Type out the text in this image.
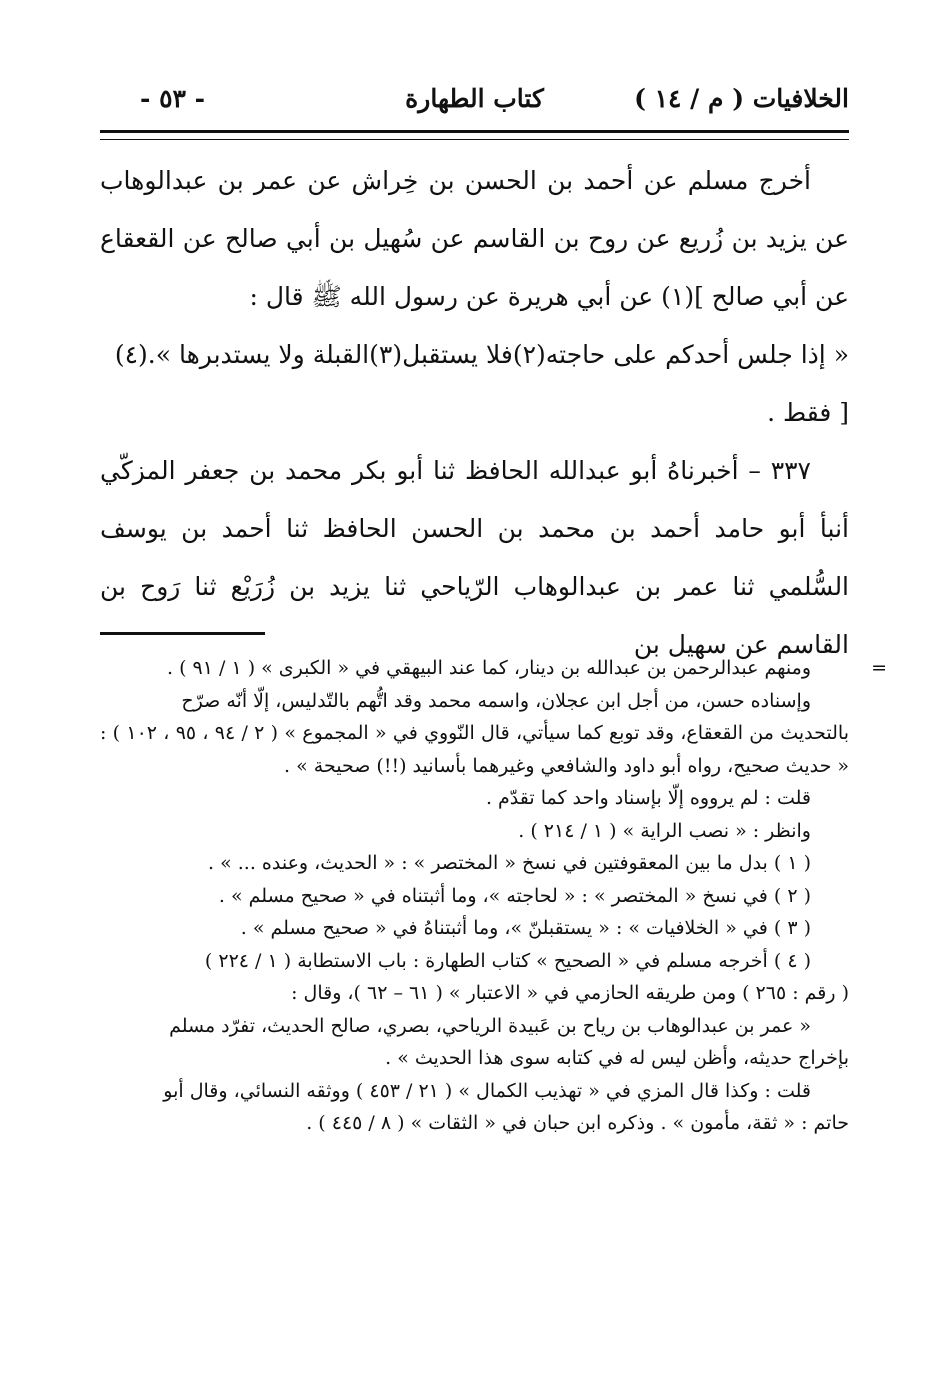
الخلافيات ( م / ١٤ )
كتاب الطهارة
- ٥٣ -

أخرج مسلم عن أحمد بن الحسن بن خِراش عن عمر بن عبدالوهاب عن يزيد بن زُريع عن روح بن القاسم عن سُهيل بن أبي صالح عن القعقاع عن أبي صالح ](١) عن أبي هريرة عن رسول الله ﷺ قال :

« إذا جلس أحدكم على حاجته(٢)فلا يستقبل(٣)القبلة ولا يستدبرها ».(٤)

[ فقط .

٣٣٧ – أخبرناهُ أبو عبدالله الحافظ ثنا أبو بكر محمد بن جعفر المزكّي أنبأ أبو حامد أحمد بن محمد بن الحسن الحافظ ثنا أحمد بن يوسف السُّلمي ثنا عمر بن عبدالوهاب الرّياحي ثنا يزيد بن زُرَيْع ثنا رَوح بن القاسم عن سهيل بن

=ومنهم عبدالرحمن بن عبدالله بن دينار، كما عند البيهقي في « الكبرى » ( ١ / ٩١ ) .

وإسناده حسن، من أجل ابن عجلان، واسمه محمد وقد اتُّهم بالتّدليس، إلّا أنّه صرّح

بالتحديث من القعقاع، وقد توبع كما سيأتي، قال النّووي في « المجموع » ( ٢ / ٩٤ ، ٩٥ ، ١٠٢ ) : « حديث صحيح، رواه أبو داود والشافعي وغيرهما بأسانيد (!!) صحيحة » .

قلت : لم يرووه إلّا بإسناد واحد كما تقدّم .

وانظر : « نصب الراية » ( ١ / ٢١٤ ) .

( ١ ) بدل ما بين المعقوفتين في نسخ « المختصر » : « الحديث، وعنده ... » .

( ٢ ) في نسخ « المختصر » : « لحاجته »، وما أثبتناه في « صحيح مسلم » .

( ٣ ) في « الخلافيات » : « يستقبلنّ »، وما أثبتناهُ في « صحيح مسلم » .

( ٤ ) أخرجه مسلم في « الصحيح » كتاب الطهارة : باب الاستطابة ( ١ / ٢٢٤ )

( رقم : ٢٦٥ ) ومن طريقه الحازمي في « الاعتبار » ( ٦١ – ٦٢ )، وقال :

« عمر بن عبدالوهاب بن رياح بن عَبيدة الرياحي، بصري، صالح الحديث، تفرّد مسلم

بإخراج حديثه، وأظن ليس له في كتابه سوى هذا الحديث » .

قلت : وكذا قال المزي في « تهذيب الكمال » ( ٢١ / ٤٥٣ ) ووثقه النسائي، وقال أبو

حاتم : « ثقة، مأمون » . وذكره ابن حبان في « الثقات » ( ٨ / ٤٤٥ ) .
